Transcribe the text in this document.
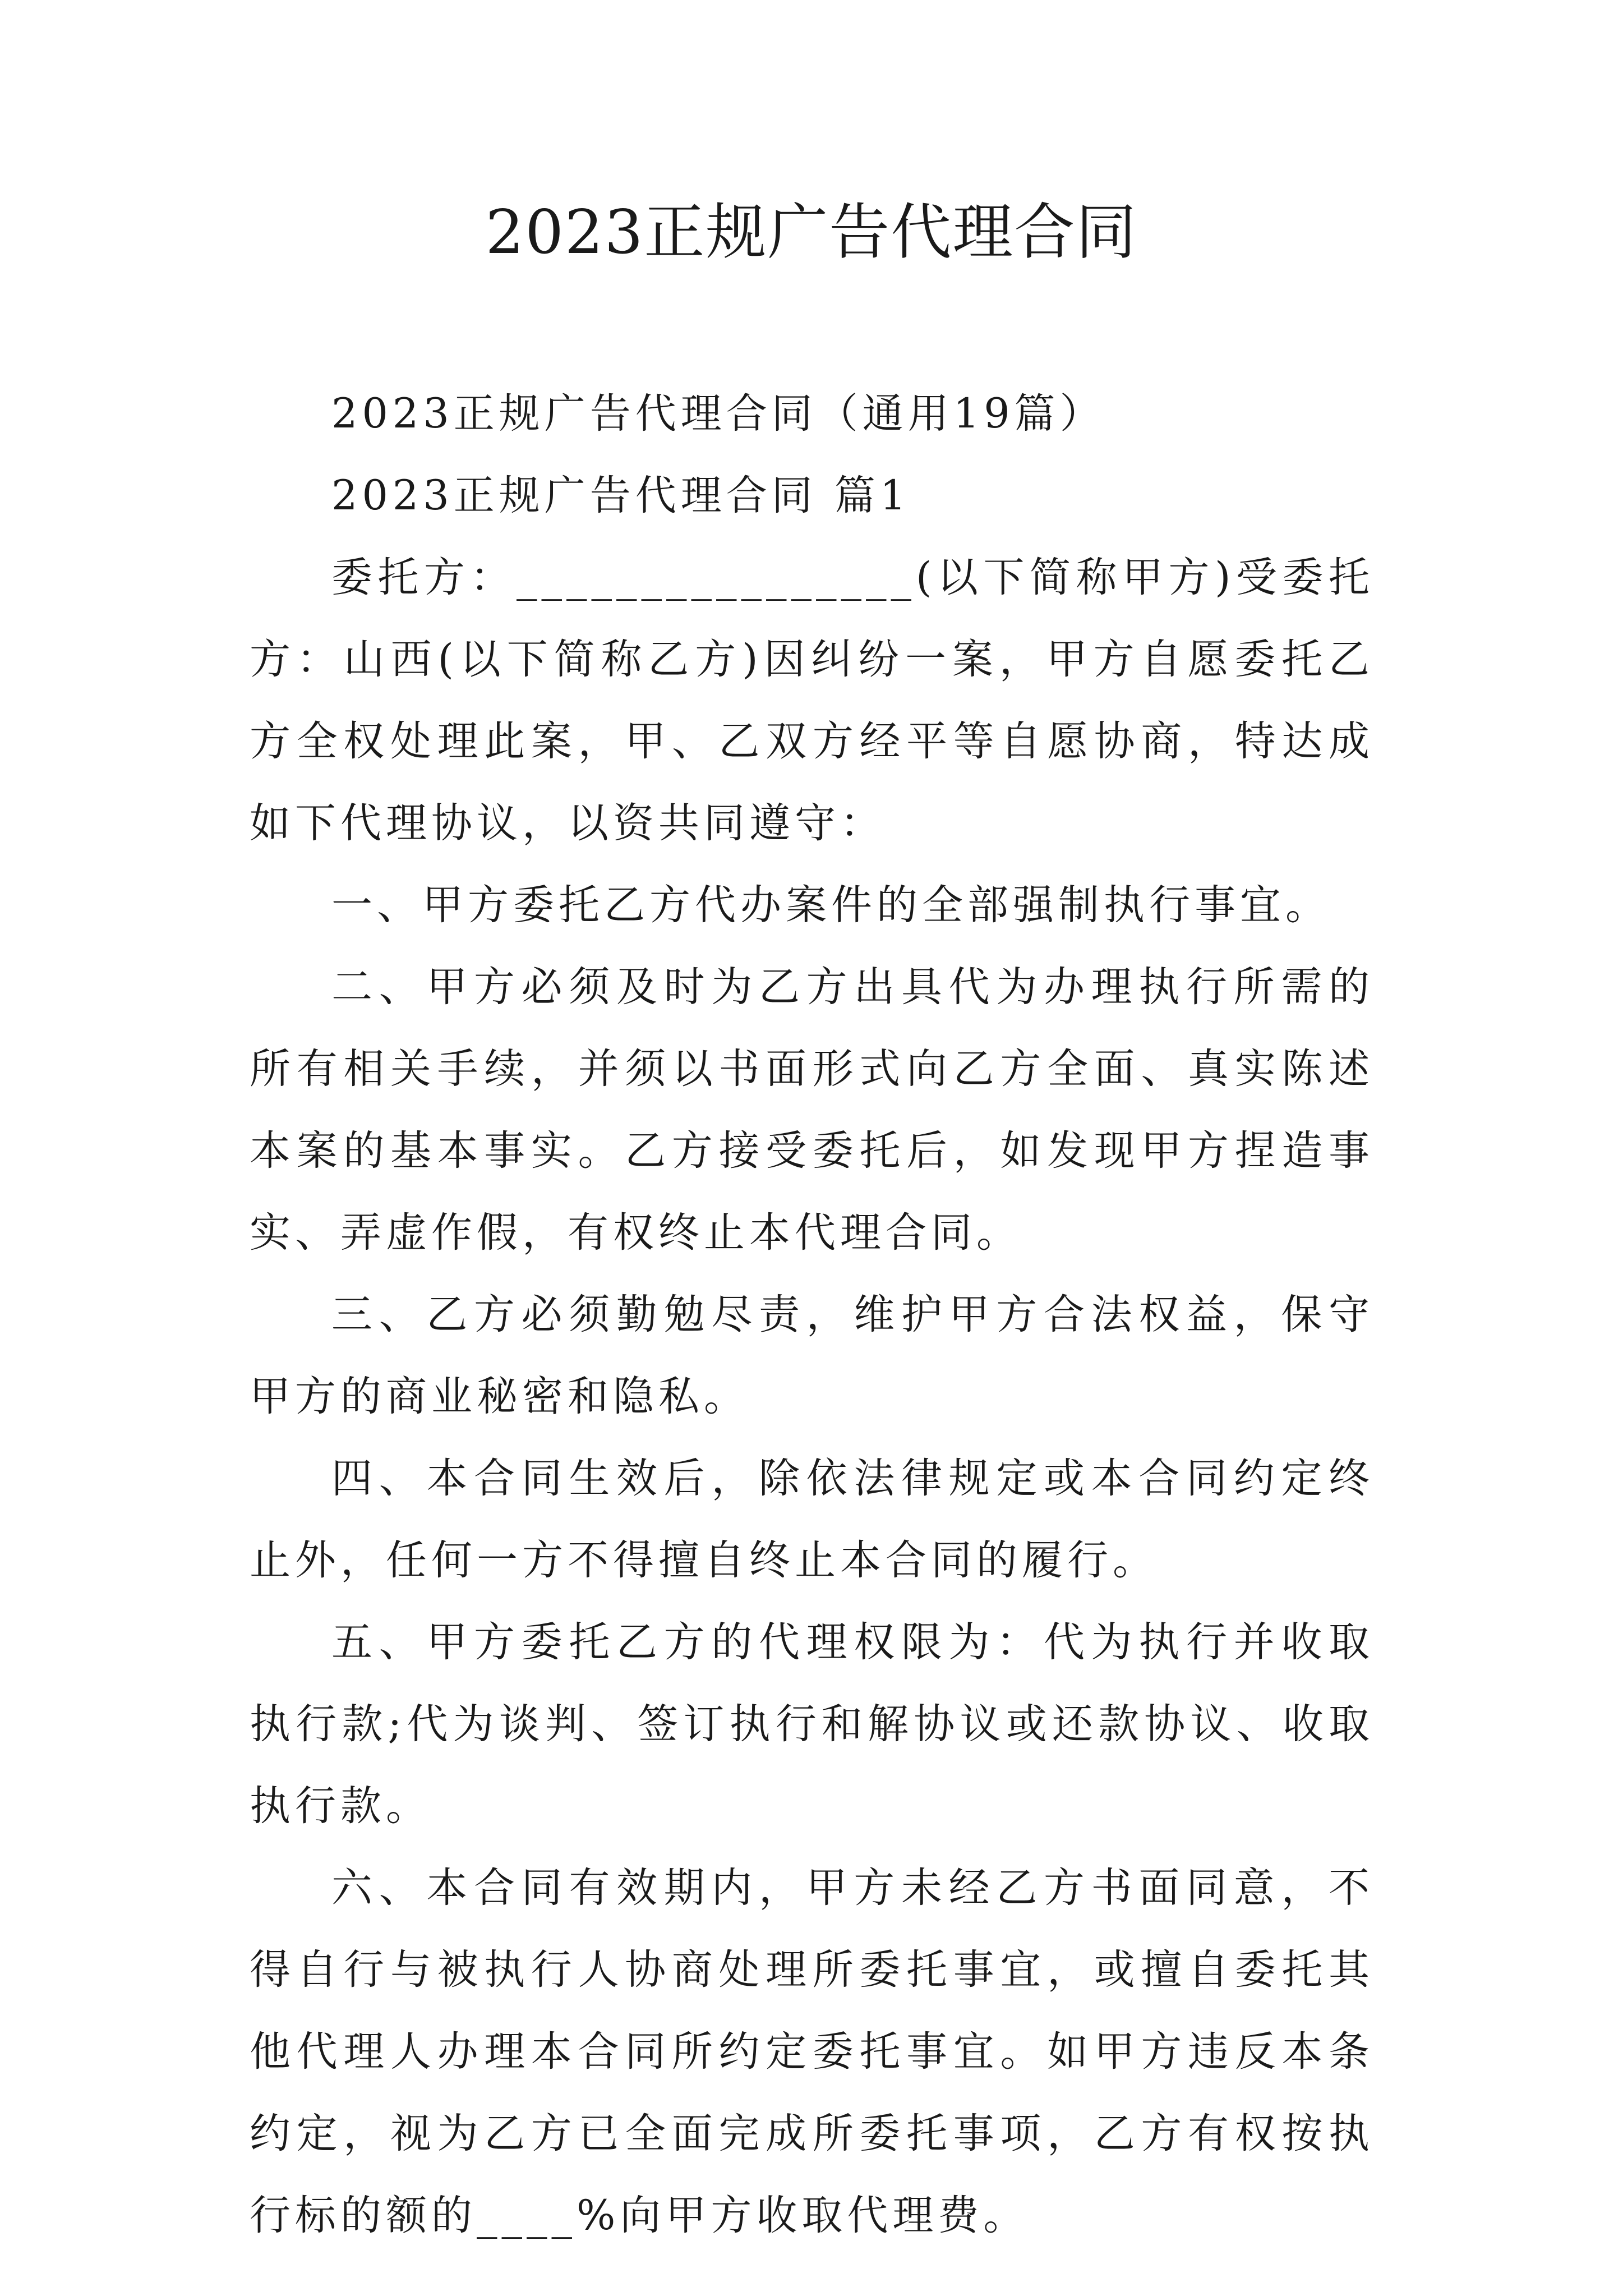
2023正规广告代理合同

2023正规广告代理合同（通用19篇）

2023正规广告代理合同 篇1

委托方：________________(以下简称甲方)受委托方：山西(以下简称乙方)因纠纷一案，甲方自愿委托乙方全权处理此案，甲、乙双方经平等自愿协商，特达成如下代理协议，以资共同遵守：

一、甲方委托乙方代办案件的全部强制执行事宜。

二、甲方必须及时为乙方出具代为办理执行所需的所有相关手续，并须以书面形式向乙方全面、真实陈述本案的基本事实。乙方接受委托后，如发现甲方捏造事实、弄虚作假，有权终止本代理合同。

三、乙方必须勤勉尽责，维护甲方合法权益，保守甲方的商业秘密和隐私。

四、本合同生效后，除依法律规定或本合同约定终止外，任何一方不得擅自终止本合同的履行。

五、甲方委托乙方的代理权限为：代为执行并收取执行款;代为谈判、签订执行和解协议或还款协议、收取执行款。

六、本合同有效期内，甲方未经乙方书面同意，不得自行与被执行人协商处理所委托事宜，或擅自委托其他代理人办理本合同所约定委托事宜。如甲方违反本条约定，视为乙方已全面完成所委托事项，乙方有权按执行标的额的____%向甲方收取代理费。
